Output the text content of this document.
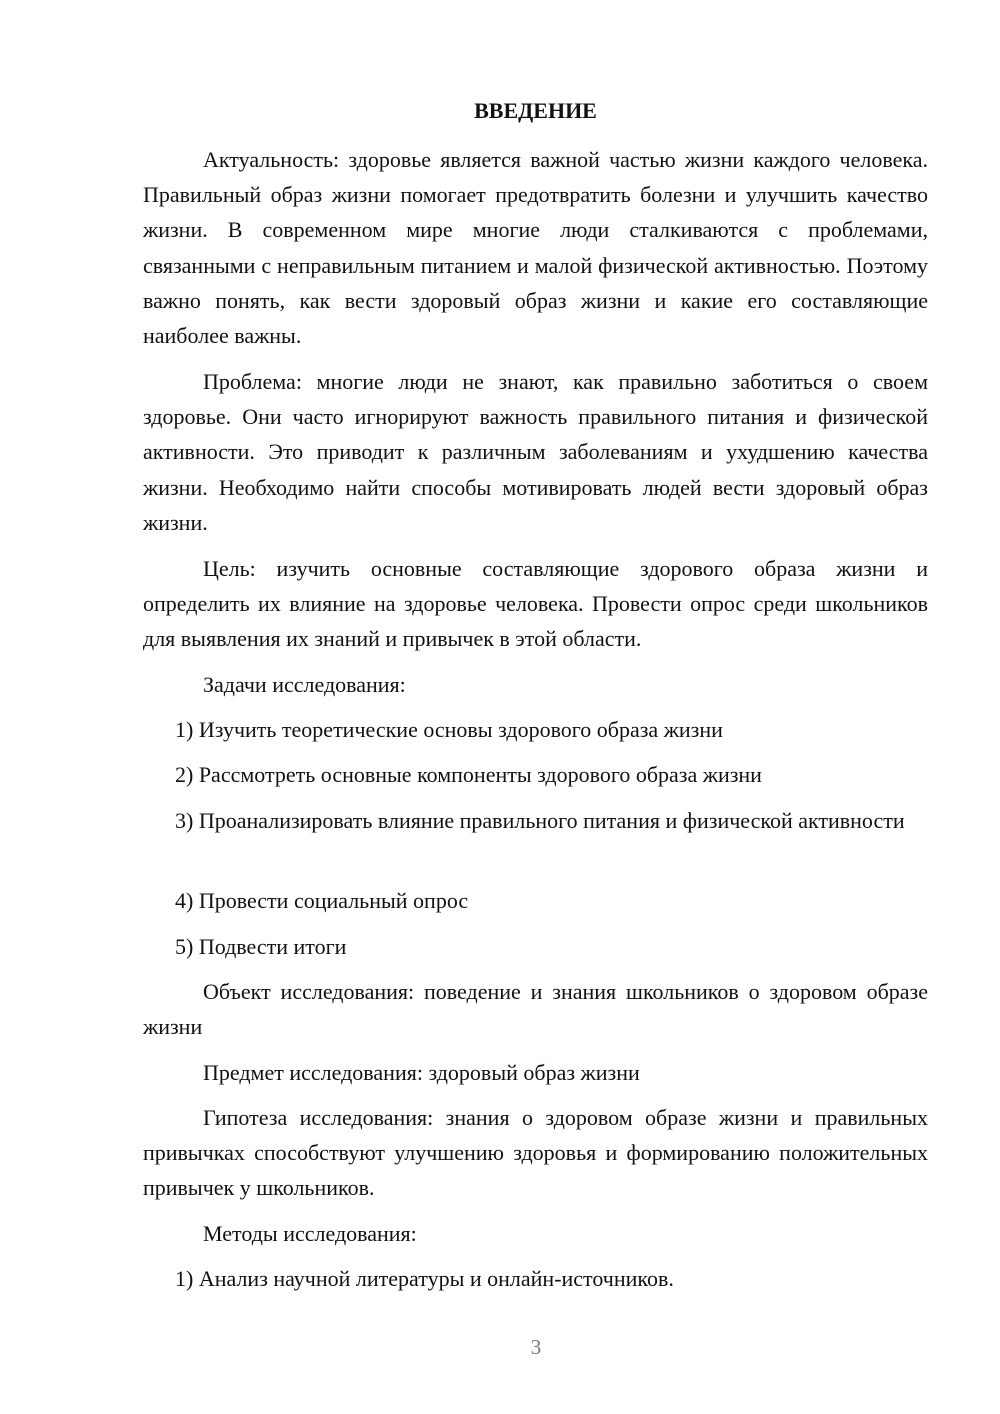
ВВЕДЕНИЕ

Актуальность: здоровье является важной частью жизни каждого человека. Правильный образ жизни помогает предотвратить болезни и улучшить качество жизни. В современном мире многие люди сталкиваются с проблемами, связанными с неправильным питанием и малой физической активностью. Поэтому важно понять, как вести здоровый образ жизни и какие его составляющие наиболее важны.

Проблема: многие люди не знают, как правильно заботиться о своем здоровье. Они часто игнорируют важность правильного питания и физической активности. Это приводит к различным заболеваниям и ухудшению качества жизни. Необходимо найти способы мотивировать людей вести здоровый образ жизни.

Цель: изучить основные составляющие здорового образа жизни и определить их влияние на здоровье человека. Провести опрос среди школьников для выявления их знаний и привычек в этой области.

Задачи исследования:

1) Изучить теоретические основы здорового образа жизни

2) Рассмотреть основные компоненты здорового образа жизни

3) Проанализировать влияние правильного питания и физической активности

4) Провести социальный опрос

5) Подвести итоги

Объект исследования: поведение и знания школьников о здоровом образе жизни

Предмет исследования: здоровый образ жизни

Гипотеза исследования: знания о здоровом образе жизни и правильных привычках способствуют улучшению здоровья и формированию положительных привычек у школьников.

Методы исследования:

1) Анализ научной литературы и онлайн-источников.

3
